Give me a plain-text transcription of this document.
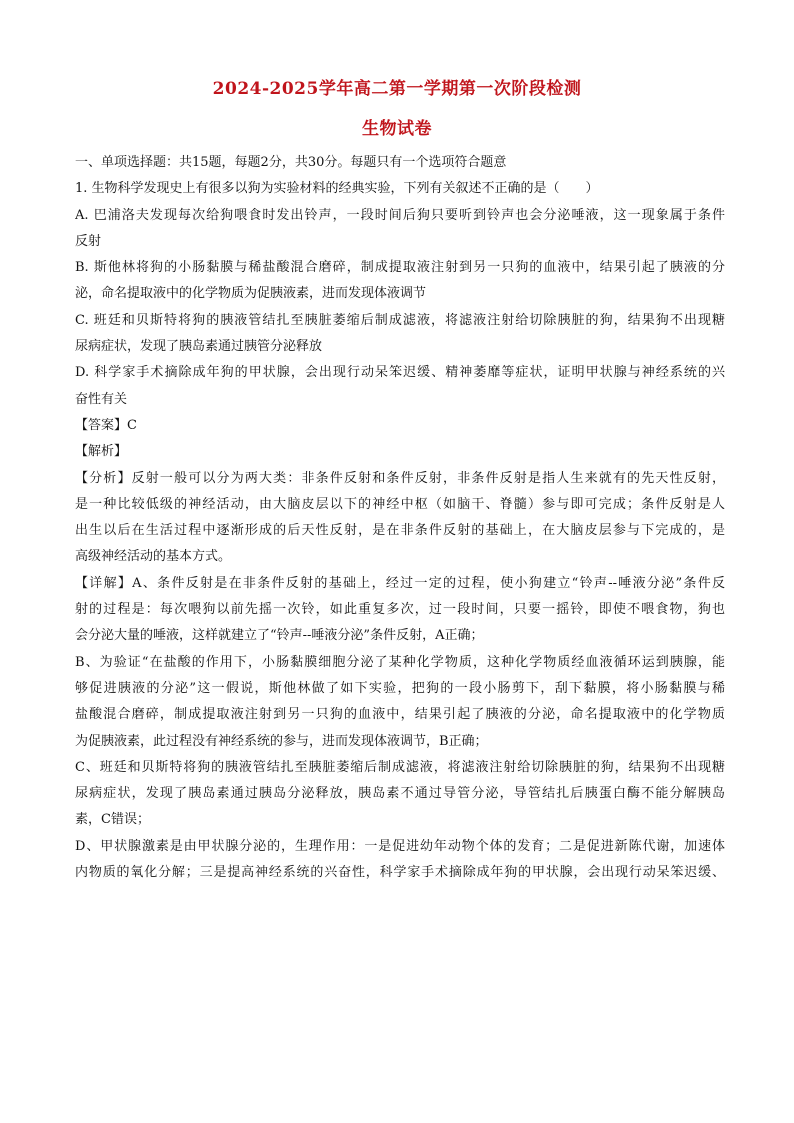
2024-2025学年高二第一学期第一次阶段检测
生物试卷
一、单项选择题：共15题，每题2分，共30分。每题只有一个选项符合题意
1. 生物科学发现史上有很多以狗为实验材料的经典实验，下列有关叙述不正确的是（　　）
A. 巴浦洛夫发现每次给狗喂食时发出铃声，一段时间后狗只要听到铃声也会分泌唾液，这一现象属于条件
反射
B. 斯他林将狗的小肠黏膜与稀盐酸混合磨碎，制成提取液注射到另一只狗的血液中，结果引起了胰液的分
泌，命名提取液中的化学物质为促胰液素，进而发现体液调节
C. 班廷和贝斯特将狗的胰液管结扎至胰脏萎缩后制成滤液，将滤液注射给切除胰脏的狗，结果狗不出现糖
尿病症状，发现了胰岛素通过胰管分泌释放
D. 科学家手术摘除成年狗的甲状腺，会出现行动呆笨迟缓、精神萎靡等症状，证明甲状腺与神经系统的兴
奋性有关
【答案】C
【解析】
【分析】反射一般可以分为两大类：非条件反射和条件反射，非条件反射是指人生来就有的先天性反射，
是一种比较低级的神经活动，由大脑皮层以下的神经中枢（如脑干、脊髓）参与即可完成；条件反射是人
出生以后在生活过程中逐渐形成的后天性反射，是在非条件反射的基础上，在大脑皮层参与下完成的，是
高级神经活动的基本方式。
【详解】A、条件反射是在非条件反射的基础上，经过一定的过程，使小狗建立“铃声--唾液分泌”条件反
射的过程是：每次喂狗以前先摇一次铃，如此重复多次，过一段时间，只要一摇铃，即使不喂食物，狗也
会分泌大量的唾液，这样就建立了“铃声--唾液分泌”条件反射，A正确；
B、为验证“在盐酸的作用下，小肠黏膜细胞分泌了某种化学物质，这种化学物质经血液循环运到胰腺，能
够促进胰液的分泌”这一假说，斯他林做了如下实验，把狗的一段小肠剪下，刮下黏膜，将小肠黏膜与稀
盐酸混合磨碎，制成提取液注射到另一只狗的血液中，结果引起了胰液的分泌，命名提取液中的化学物质
为促胰液素，此过程没有神经系统的参与，进而发现体液调节，B正确；
C、班廷和贝斯特将狗的胰液管结扎至胰脏萎缩后制成滤液，将滤液注射给切除胰脏的狗，结果狗不出现糖
尿病症状，发现了胰岛素通过胰岛分泌释放，胰岛素不通过导管分泌，导管结扎后胰蛋白酶不能分解胰岛
素，C错误；
D、甲状腺激素是由甲状腺分泌的，生理作用：一是促进幼年动物个体的发育；二是促进新陈代谢，加速体
内物质的氧化分解；三是提高神经系统的兴奋性，科学家手术摘除成年狗的甲状腺，会出现行动呆笨迟缓、
